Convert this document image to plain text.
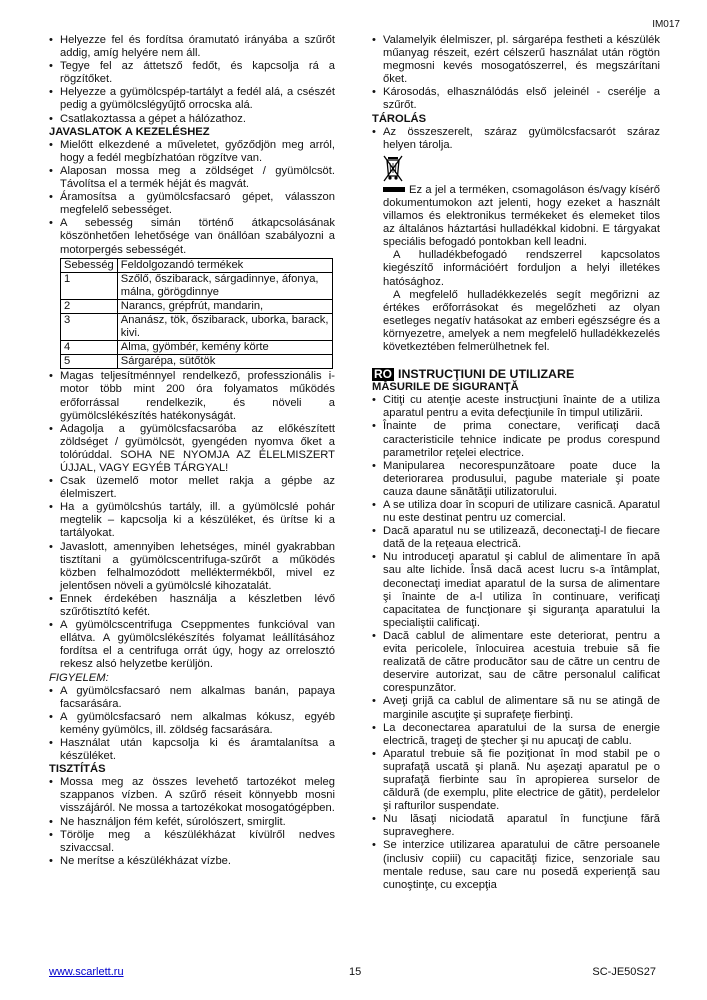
IM017
• Helyezze fel és fordítsa óramutató irányába a szűrőt addig, amíg helyére nem áll.
• Tegye fel az áttetsző fedőt, és kapcsolja rá a rögzítőket.
• Helyezze a gyümölcspép-tartályt a fedél alá, a csészét pedig a gyümölcslégyűjtő orrocska alá.
• Csatlakoztassa a gépet a hálózathoz.
JAVASLATOK A KEZELÉSHEZ
• Mielőtt elkezdené a műveletet, győződjön meg arról, hogy a fedél megbízhatóan rögzítve van.
• Alaposan mossa meg a zöldséget / gyümölcsöt. Távolítsa el a termék héját és magvát.
• Áramosítsa a gyümölcsfacsaró gépet, válasszon megfelelő sebességet.
• A sebesség simán történő átkapcsolásának köszönhetően lehetősége van önállóan szabályozni a motorpergés sebességét.
Sebesség	Feldolgozandó termékek
1	Szőlő, őszibarack, sárgadinnye, áfonya, málna, görögdinnye
2	Narancs, grépfrút, mandarin,
3	Ananász, tök, őszibarack, uborka, barack, kivi.
4	Alma, gyömbér, kemény körte
5	Sárgarépa, sütőtök
• Magas teljesítménnyel rendelkező, professzionális i-motor több mint 200 óra folyamatos működés erőforrással rendelkezik, és növeli a gyümölcslékészítés hatékonyságát.
• Adagolja a gyümölcsfacsaróba az előkészített zöldséget / gyümölcsöt, gyengéden nyomva őket a tolórúddal. SOHA NE NYOMJA AZ ÉLELMISZERT ÚJJAL, VAGY EGYÉB TÁRGYAL!
• Csak üzemelő motor mellet rakja a gépbe az élelmiszert.
• Ha a gyümölcshús tartály, ill. a gyümölcslé pohár megtelik – kapcsolja ki a készüléket, és ürítse ki a tartályokat.
• Javaslott, amennyiben lehetséges, minél gyakrabban tisztítani a gyümölcscentrifuga-szűrőt a működés közben felhalmozódott melléktermékből, mivel ez jelentősen növeli a gyümölcslé kihozatalát.
• Ennek érdekében használja a készletben lévő szűrőtisztító kefét.
• A gyümölcscentrifuga Cseppmentes funkcióval van ellátva. A gyümölcslékészítés folyamat leállításához fordítsa el a centrifuga orrát úgy, hogy az orrelosztó rekesz alsó helyzetbe kerüljön.
FIGYELEM:
• A gyümölcsfacsaró nem alkalmas banán, papaya facsarására.
• A gyümölcsfacsaró nem alkalmas kókusz, egyéb kemény gyümölcs, ill. zöldség facsarására.
• Használat után kapcsolja ki és áramtalanítsa a készüléket.
TISZTÍTÁS
• Mossa meg az összes levehető tartozékot meleg szappanos vízben. A szűrő réseit könnyebb mosni visszájáról. Ne mossa a tartozékokat mosogatógépben.
• Ne használjon fém kefét, súrolószert, smirglit.
• Törölje meg a készülékházat kívülről nedves szivaccsal.
• Ne merítse a készülékházat vízbe.
• Valamelyik élelmiszer, pl. sárgarépa festheti a készülék műanyag részeit, ezért célszerű használat után rögtön megmosni kevés mosogatószerrel, és megszárítani őket.
• Károsodás, elhasználódás első jeleinél - cserélje a szűrőt.
TÁROLÁS
• Az összeszerelt, száraz gyümölcsfacsarót száraz helyen tárolja.
Ez a jel a terméken, csomagoláson és/vagy kísérő dokumentumokon azt jelenti, hogy ezeket a használt villamos és elektronikus termékeket és elemeket tilos az általános háztartási hulladékkal kidobni. E tárgyakat speciális befogadó pontokban kell leadni.
A hulladékbefogadó rendszerrel kapcsolatos kiegészítő információért forduljon a helyi illetékes hatósághoz.
A megfelelő hulladékkezelés segít megőrizni az értékes erőforrásokat és megelőzheti az olyan esetleges negatív hatásokat az emberi egészségre és a környezetre, amelyek a nem megfelelő hulladékkezelés következtében felmerülhetnek fel.
RO INSTRUCŢIUNI DE UTILIZARE
MĂSURILE DE SIGURANŢĂ
• Citiţi cu atenţie aceste instrucţiuni înainte de a utiliza aparatul pentru a evita defecţiunile în timpul utilizării.
• Înainte de prima conectare, verificaţi dacă caracteristicile tehnice indicate pe produs corespund parametrilor reţelei electrice.
• Manipularea necorespunzătoare poate duce la deteriorarea produsului, pagube materiale şi poate cauza daune sănătăţii utilizatorului.
• A se utiliza doar în scopuri de utilizare casnică. Aparatul nu este destinat pentru uz comercial.
• Dacă aparatul nu se utilizează, deconectaţi-l de fiecare dată de la reţeaua electrică.
• Nu introduceţi aparatul şi cablul de alimentare în apă sau alte lichide. Însă dacă acest lucru s-a întâmplat, deconectaţi imediat aparatul de la sursa de alimentare şi înainte de a-l utiliza în continuare, verificaţi capacitatea de funcţionare şi siguranţa aparatului la specialiştii calificaţi.
• Dacă cablul de alimentare este deteriorat, pentru a evita pericolele, înlocuirea acestuia trebuie să fie realizată de către producător sau de către un centru de deservire autorizat, sau de către personalul calificat corespunzător.
• Aveţi grijă ca cablul de alimentare să nu se atingă de marginile ascuţite şi suprafeţe fierbinţi.
• La deconectarea aparatului de la sursa de energie electrică, trageţi de ştecher şi nu apucaţi de cablu.
• Aparatul trebuie să fie poziţionat în mod stabil pe o suprafaţă uscată şi plană. Nu aşezaţi aparatul pe o suprafaţă fierbinte sau în apropierea surselor de căldură (de exemplu, plite electrice de gătit), perdelelor şi rafturilor suspendate.
• Nu lăsaţi niciodată aparatul în funcţiune fără supraveghere.
• Se interzice utilizarea aparatului de către persoanele (inclusiv copiii) cu capacităţi fizice, senzoriale sau mentale reduse, sau care nu posedă experienţă sau cunoştinţe, cu excepţia
www.scarlett.ru	15	SC-JE50S27
